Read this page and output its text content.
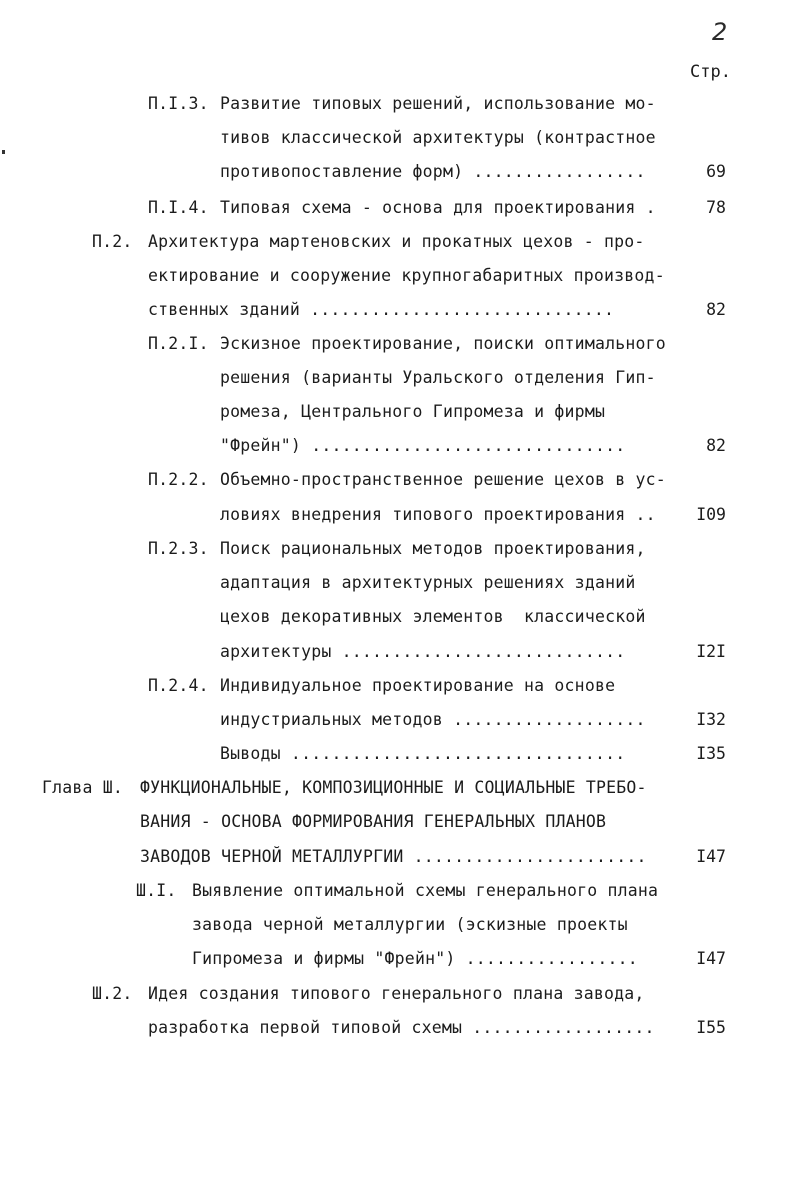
2
Стр.
П.I.3. Развитие типовых решений, использование мо-
тивов классической архитектуры (контрастное
противопоставление форм) .................	69
П.I.4. Типовая схема - основа для проектирования .	78
П.2. Архитектура мартеновских и прокатных цехов - про-
ектирование и сооружение крупногабаритных производ-
ственных зданий ..............................	82
П.2.I. Эскизное проектирование, поиски оптимального
решения (варианты Уральского отделения Гип-
ромеза, Центрального Гипромеза и фирмы
"Фрейн") ...............................	82
П.2.2. Объемно-пространственное решение цехов в ус-
ловиях внедрения типового проектирования ..	I09
П.2.3. Поиск рациональных методов проектирования,
адаптация в архитектурных решениях зданий
цехов декоративных элементов  классической
архитектуры ............................	I2I
П.2.4. Индивидуальное проектирование на основе
индустриальных методов ...................	I32
Выводы .................................	I35
Глава Ш. ФУНКЦИОНАЛЬНЫЕ, КОМПОЗИЦИОННЫЕ И СОЦИАЛЬНЫЕ ТРЕБО-
ВАНИЯ - ОСНОВА ФОРМИРОВАНИЯ ГЕНЕРАЛЬНЫХ ПЛАНОВ
ЗАВОДОВ ЧЕРНОЙ МЕТАЛЛУРГИИ .......................	I47
Ш.I. Выявление оптимальной схемы генерального плана
завода черной металлургии (эскизные проекты
Гипромеза и фирмы "Фрейн") .................	I47
Ш.2. Идея создания типового генерального плана завода,
разработка первой типовой схемы ..................	I55
